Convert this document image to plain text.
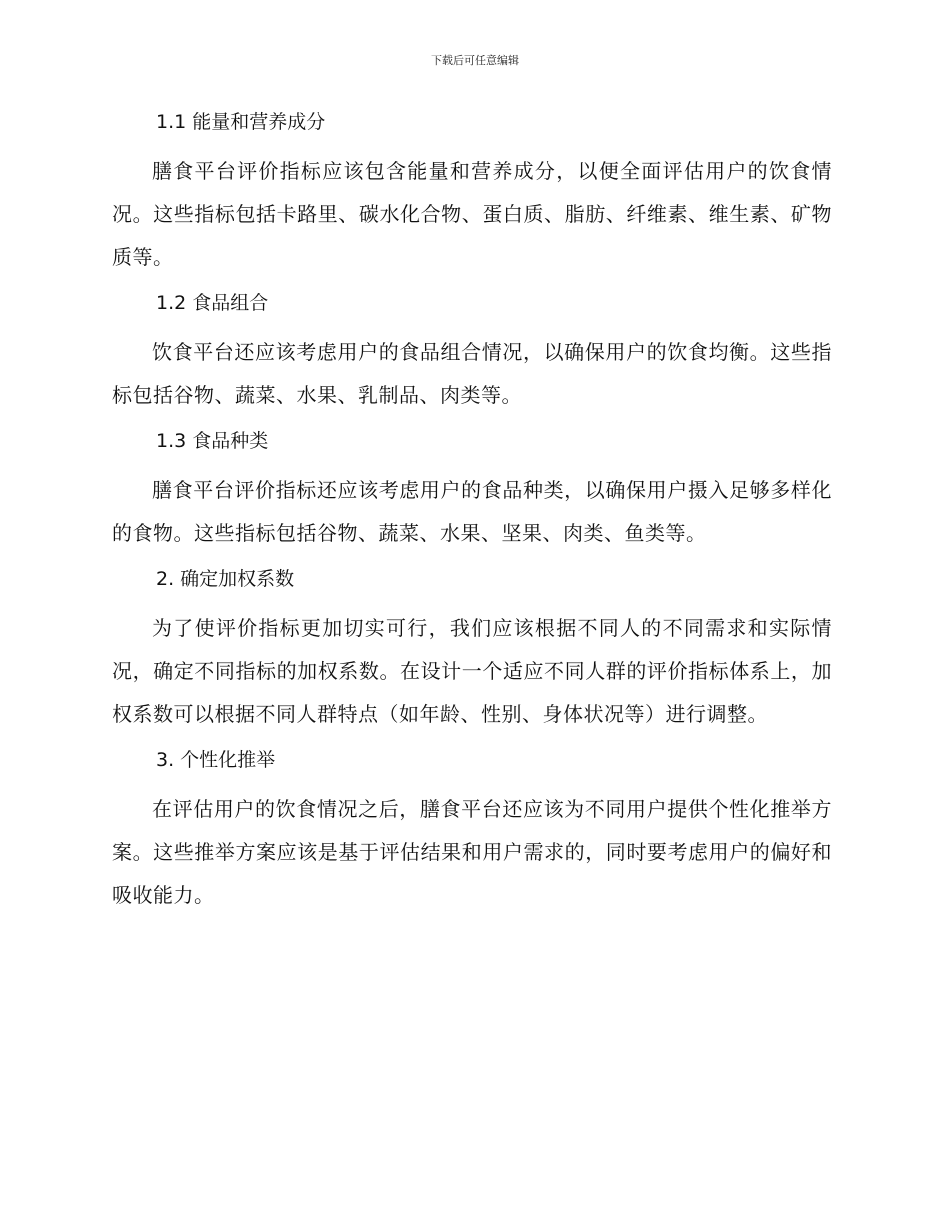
下载后可任意编辑
1.1 能量和营养成分

膳食平台评价指标应该包含能量和营养成分，以便全面评估用户的饮食情况。这些指标包括卡路里、碳水化合物、蛋白质、脂肪、纤维素、维生素、矿物质等。

1.2 食品组合

饮食平台还应该考虑用户的食品组合情况，以确保用户的饮食均衡。这些指标包括谷物、蔬菜、水果、乳制品、肉类等。

1.3 食品种类

膳食平台评价指标还应该考虑用户的食品种类，以确保用户摄入足够多样化的食物。这些指标包括谷物、蔬菜、水果、坚果、肉类、鱼类等。

2. 确定加权系数

为了使评价指标更加切实可行，我们应该根据不同人的不同需求和实际情况，确定不同指标的加权系数。在设计一个适应不同人群的评价指标体系上，加权系数可以根据不同人群特点（如年龄、性别、身体状况等）进行调整。

3. 个性化推举

在评估用户的饮食情况之后，膳食平台还应该为不同用户提供个性化推举方案。这些推举方案应该是基于评估结果和用户需求的，同时要考虑用户的偏好和吸收能力。
